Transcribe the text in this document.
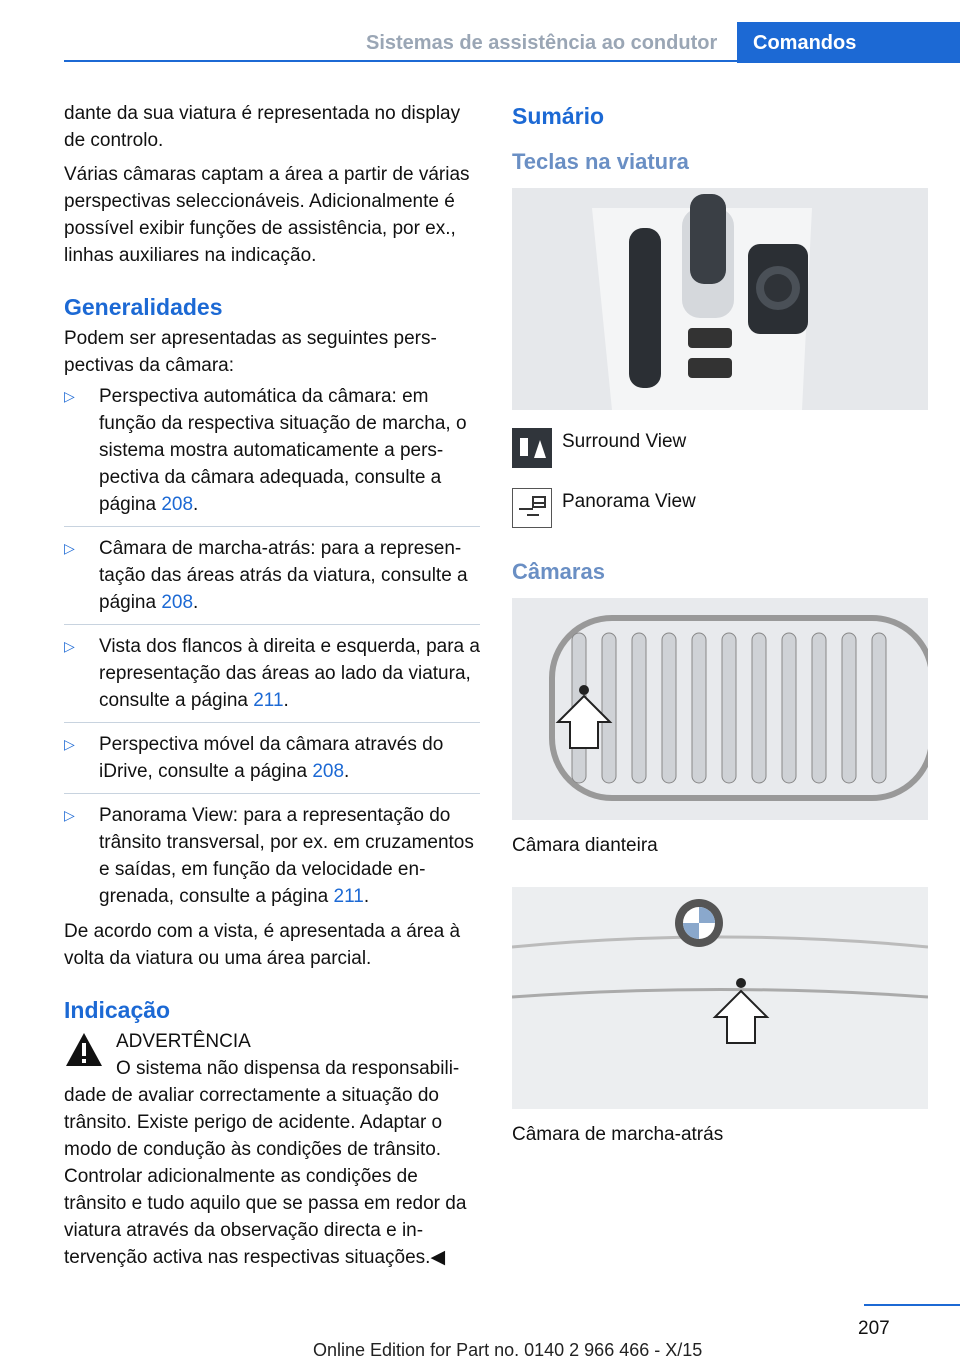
Sistemas de assistência ao condutor Comandos

dante da sua viatura é representada no display de controlo.

Várias câmaras captam a área a partir de várias perspectivas seleccionáveis. Adicionalmente é possível exibir funções de assistência, por ex., linhas auxiliares na indicação.

Generalidades

Podem ser apresentadas as seguintes perspectivas da câmara:

▷ Perspectiva automática da câmara: em função da respectiva situação de marcha, o sistema mostra automaticamente a perspectiva da câmara adequada, consulte a página 208.
▷ Câmara de marcha-atrás: para a representação das áreas atrás da viatura, consulte a página 208.
▷ Vista dos flancos à direita e esquerda, para a representação das áreas ao lado da viatura, consulte a página 211.
▷ Perspectiva móvel da câmara através do iDrive, consulte a página 208.
▷ Panorama View: para a representação do trânsito transversal, por ex. em cruzamentos e saídas, em função da velocidade engrenada, consulte a página 211.

De acordo com a vista, é apresentada a área à volta da viatura ou uma área parcial.

Indicação
ADVERTÊNCIA
O sistema não dispensa da responsabilidade de avaliar correctamente a situação do trânsito. Existe perigo de acidente. Adaptar o modo de condução às condições de trânsito. Controlar adicionalmente as condições de trânsito e tudo aquilo que se passa em redor da viatura através da observação directa e intervenção activa nas respectivas situações.◀
Sumário
Teclas na viatura
Surround View
Panorama View
Câmaras

Câmara dianteira

Câmara de marcha-atrás

207
Online Edition for Part no. 0140 2 966 466 - X/15
